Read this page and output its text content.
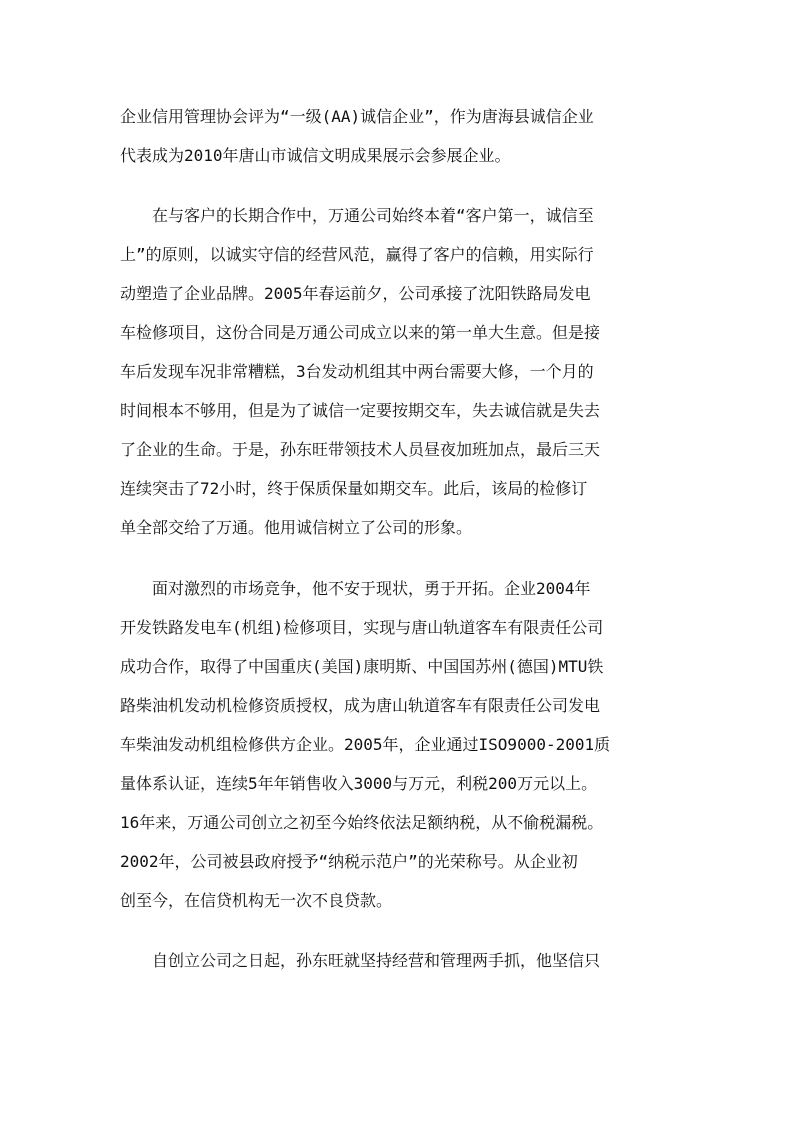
企业信用管理协会评为“一级(AA)诚信企业”，作为唐海县诚信企业
代表成为2010年唐山市诚信文明成果展示会参展企业。
　　在与客户的长期合作中，万通公司始终本着“客户第一，诚信至
上”的原则，以诚实守信的经营风范，赢得了客户的信赖，用实际行
动塑造了企业品牌。2005年春运前夕，公司承接了沈阳铁路局发电
车检修项目，这份合同是万通公司成立以来的第一单大生意。但是接
车后发现车况非常糟糕，3台发动机组其中两台需要大修，一个月的
时间根本不够用，但是为了诚信一定要按期交车，失去诚信就是失去
了企业的生命。于是，孙东旺带领技术人员昼夜加班加点，最后三天
连续突击了72小时，终于保质保量如期交车。此后，该局的检修订
单全部交给了万通。他用诚信树立了公司的形象。
　　面对激烈的市场竞争，他不安于现状，勇于开拓。企业2004年
开发铁路发电车(机组)检修项目，实现与唐山轨道客车有限责任公司
成功合作，取得了中国重庆(美国)康明斯、中国国苏州(德国)MTU铁
路柴油机发动机检修资质授权，成为唐山轨道客车有限责任公司发电
车柴油发动机组检修供方企业。2005年，企业通过ISO9000-2001质
量体系认证，连续5年年销售收入3000与万元，利税200万元以上。
16年来，万通公司创立之初至今始终依法足额纳税，从不偷税漏税。
2002年，公司被县政府授予“纳税示范户”的光荣称号。从企业初
创至今，在信贷机构无一次不良贷款。
　　自创立公司之日起，孙东旺就坚持经营和管理两手抓，他坚信只
